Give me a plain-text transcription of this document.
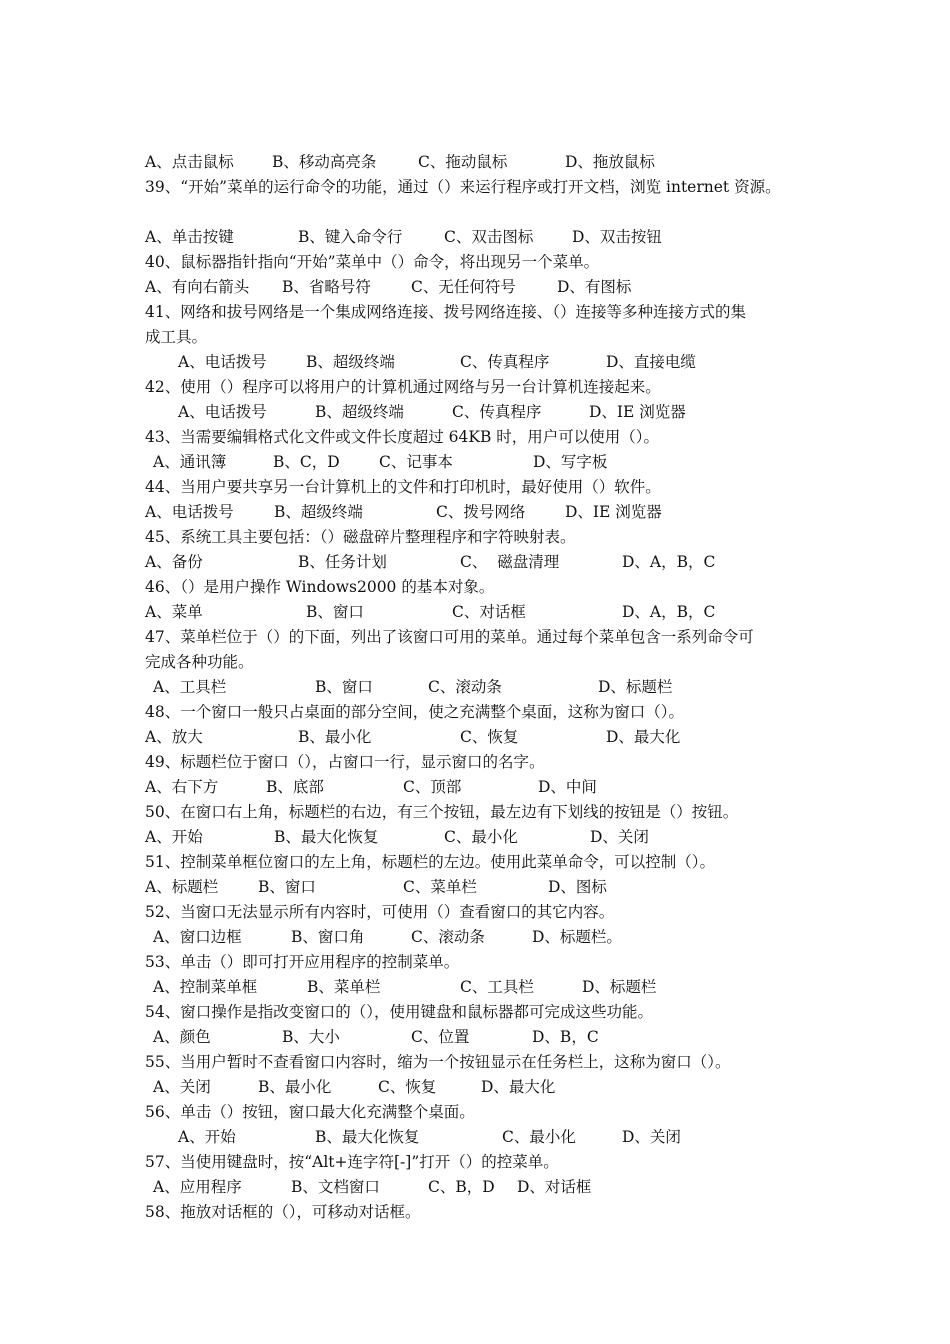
A、点击鼠标 B、移动高亮条	C、拖动鼠标	D、拖放鼠标
39、“开始”菜单的运行命令的功能，通过（）来运行程序或打开文档，浏览 internet 资源。
A、单击按键	B、键入命令行	C、双击图标 D、双击按钮
40、鼠标器指针指向“开始”菜单中（）命令，将出现另一个菜单。
A、有向右箭头 B、省略号符	C、无任何符号	D、有图标
41、网络和拔号网络是一个集成网络连接、拨号网络连接、（）连接等多种连接方式的集
成工具。
A、电话拨号	B、超级终端	C、传真程序	D、直接电缆
42、使用（）程序可以将用户的计算机通过网络与另一台计算机连接起来。
A、电话拨号	B、超级终端	C、传真程序	D、IE 浏览器
43、当需要编辑格式化文件或文件长度超过 64KB 时，用户可以使用（）。
A、通讯簿	B、C，D	C、记事本	D、写字板
44、当用户要共享另一台计算机上的文件和打印机时，最好使用（）软件。
A、电话拨号	B、超级终端	C、拨号网络	D、IE 浏览器
45、系统工具主要包括：（）磁盘碎片整理程序和字符映射表。
A、备份	B、任务计划	C、  磁盘清理	D、A，B，C
46、（）是用户操作 Windows2000 的基本对象。
A、菜单	B、窗口	C、对话框	D、A，B，C
47、菜单栏位于（）的下面，列出了该窗口可用的菜单。通过每个菜单包含一系列命令可
完成各种功能。
A、工具栏	B、窗口	C、滚动条	D、标题栏
48、一个窗口一般只占桌面的部分空间，使之充满整个桌面，这称为窗口（）。
A、放大	B、最小化	C、恢复	D、最大化
49、标题栏位于窗口（），占窗口一行，显示窗口的名字。
A、右下方	B、底部	C、顶部	D、中间
50、在窗口右上角，标题栏的右边，有三个按钮，最左边有下划线的按钮是（）按钮。
A、开始	B、最大化恢复	C、最小化	D、关闭
51、控制菜单框位窗口的左上角，标题栏的左边。使用此菜单命令，可以控制（）。
A、标题栏	B、窗口	C、菜单栏	D、图标
52、当窗口无法显示所有内容时，可使用（）查看窗口的其它内容。
A、窗口边框	B、窗口角	C、滚动条	D、标题栏。
53、单击（）即可打开应用程序的控制菜单。
A、控制菜单框	B、菜单栏	C、工具栏	D、标题栏
54、窗口操作是指改变窗口的（），使用键盘和鼠标器都可完成这些功能。
A、颜色	B、大小	C、位置	D、B，C
55、当用户暂时不查看窗口内容时，缩为一个按钮显示在任务栏上，这称为窗口（）。
A、关闭	B、最小化	C、恢复	D、最大化
56、单击（）按钮，窗口最大化充满整个桌面。
A、开始	B、最大化恢复	C、最小化	D、关闭
57、当使用键盘时，按“Alt+连字符[-]”打开（）的控菜单。
A、应用程序	B、文档窗口	C、B，D D、对话框
58、拖放对话框的（），可移动对话框。
